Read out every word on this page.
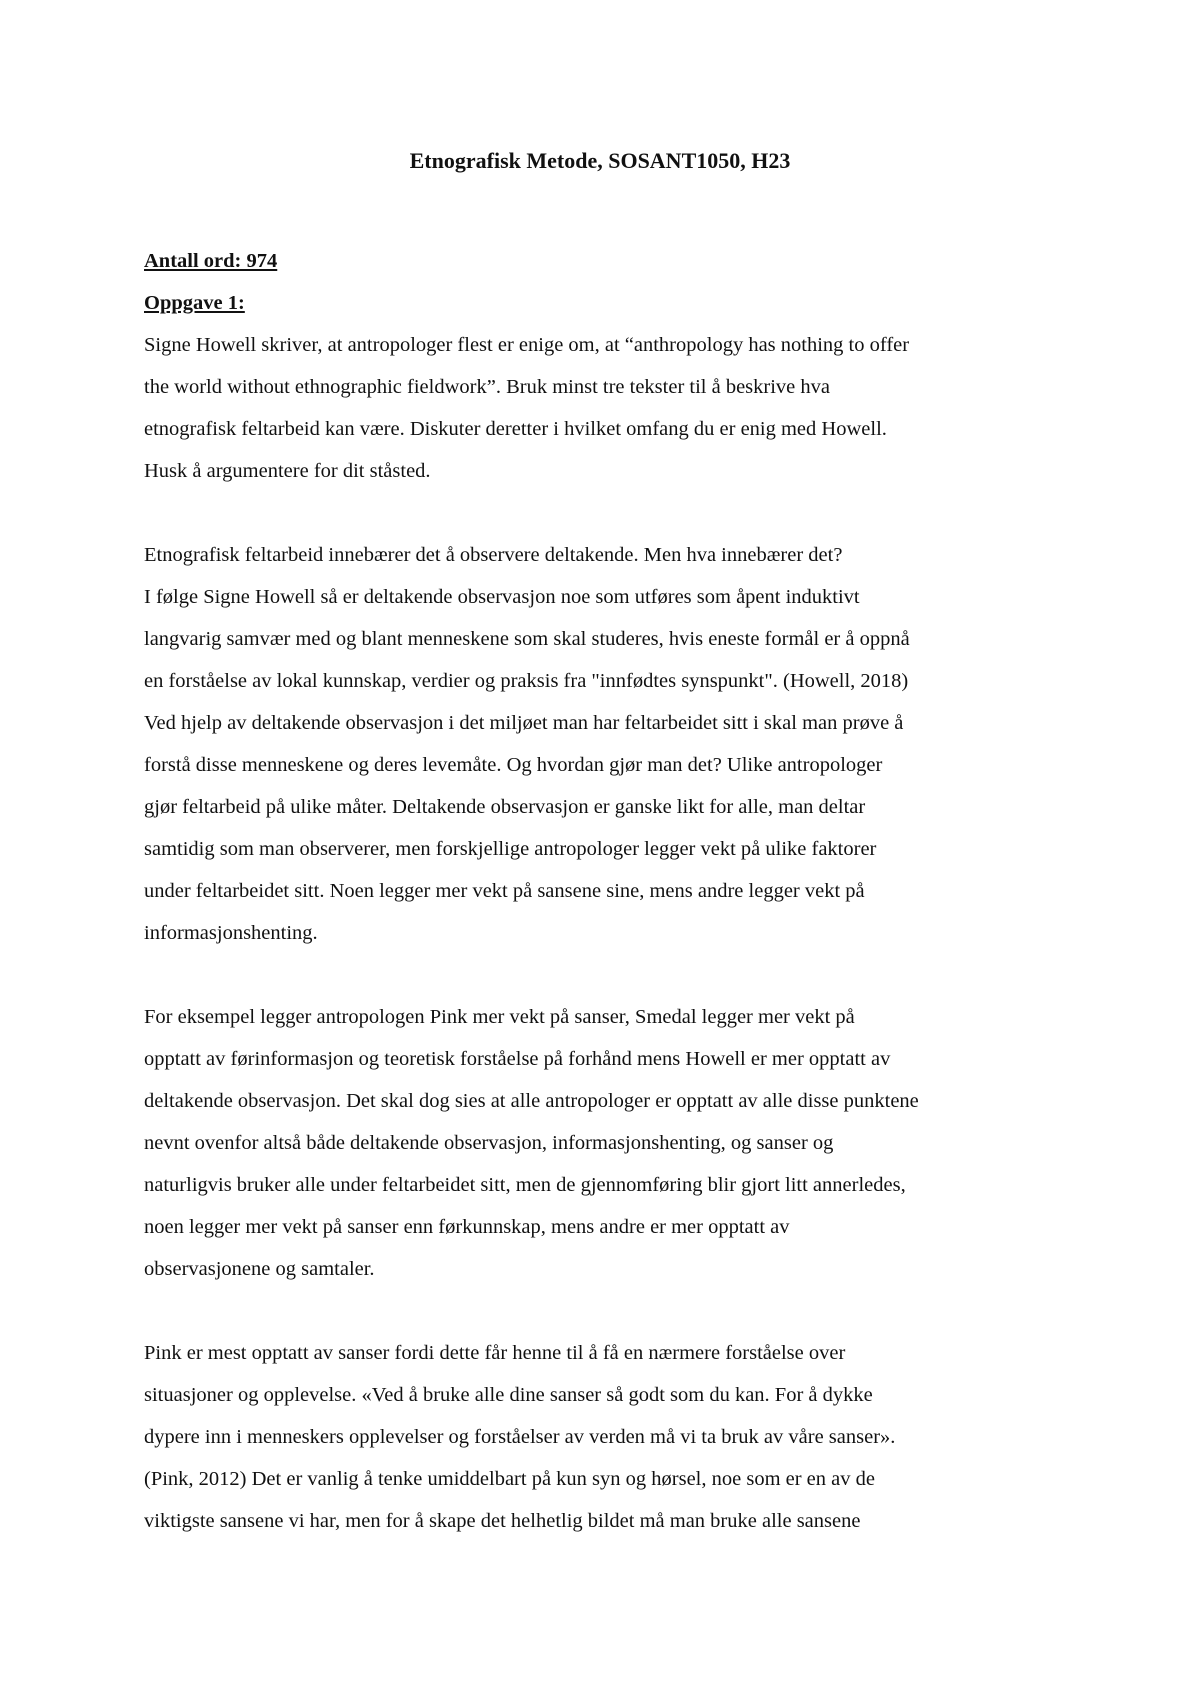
Etnografisk Metode, SOSANT1050, H23
Antall ord: 974
Oppgave 1:
Signe Howell skriver, at antropologer flest er enige om, at “anthropology has nothing to offer
the world without ethnographic fieldwork”. Bruk minst tre tekster til å beskrive hva
etnografisk feltarbeid kan være. Diskuter deretter i hvilket omfang du er enig med Howell.
Husk å argumentere for dit ståsted.
Etnografisk feltarbeid innebærer det å observere deltakende. Men hva innebærer det?
I følge Signe Howell så er deltakende observasjon noe som utføres som åpent induktivt
langvarig samvær med og blant menneskene som skal studeres, hvis eneste formål er å oppnå
en forståelse av lokal kunnskap, verdier og praksis fra "innfødtes synspunkt". (Howell, 2018)
Ved hjelp av deltakende observasjon i det miljøet man har feltarbeidet sitt i skal man prøve å
forstå disse menneskene og deres levemåte. Og hvordan gjør man det? Ulike antropologer
gjør feltarbeid på ulike måter. Deltakende observasjon er ganske likt for alle, man deltar
samtidig som man observerer, men forskjellige antropologer legger vekt på ulike faktorer
under feltarbeidet sitt. Noen legger mer vekt på sansene sine, mens andre legger vekt på
informasjonshenting.
For eksempel legger antropologen Pink mer vekt på sanser, Smedal legger mer vekt på
opptatt av førinformasjon og teoretisk forståelse på forhånd mens Howell er mer opptatt av
deltakende observasjon. Det skal dog sies at alle antropologer er opptatt av alle disse punktene
nevnt ovenfor altså både deltakende observasjon, informasjonshenting, og sanser og
naturligvis bruker alle under feltarbeidet sitt, men de gjennomføring blir gjort litt annerledes,
noen legger mer vekt på sanser enn førkunnskap, mens andre er mer opptatt av
observasjonene og samtaler.
Pink er mest opptatt av sanser fordi dette får henne til å få en nærmere forståelse over
situasjoner og opplevelse. «Ved å bruke alle dine sanser så godt som du kan. For å dykke
dypere inn i menneskers opplevelser og forståelser av verden må vi ta bruk av våre sanser».
(Pink, 2012) Det er vanlig å tenke umiddelbart på kun syn og hørsel, noe som er en av de
viktigste sansene vi har, men for å skape det helhetlig bildet må man bruke alle sansene
